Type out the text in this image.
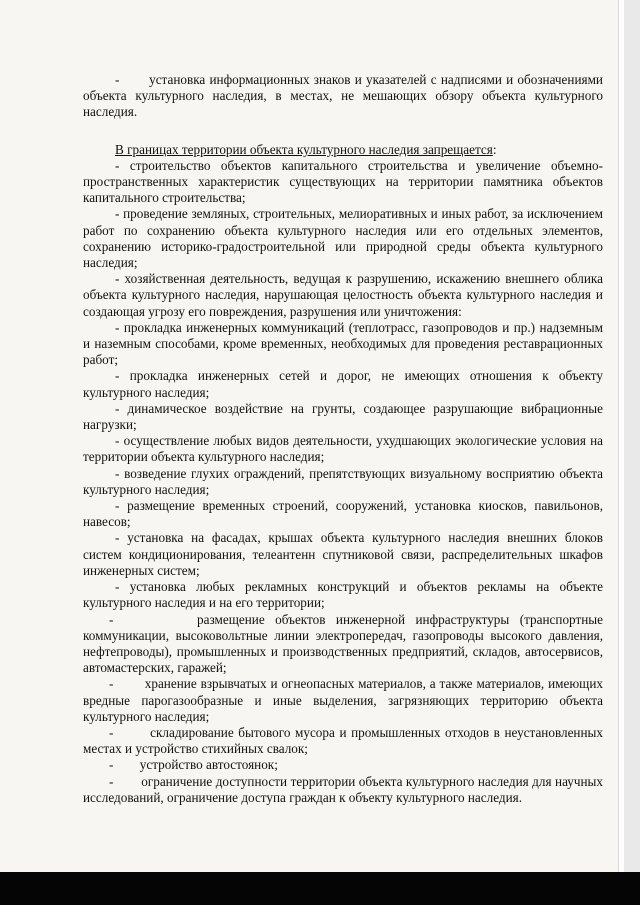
-       установка информационных знаков и указателей с надписями и обозначениями объекта культурного наследия, в местах, не мешающих обзору объекта культурного наследия.

В границах территории объекта культурного наследия запрещается:

- строительство объектов капитального строительства и увеличение объемно-пространственных характеристик существующих на территории памятника объектов капитального строительства;

- проведение земляных, строительных, мелиоративных и иных работ, за исключением работ по сохранению объекта культурного наследия или его отдельных элементов, сохранению историко-градостроительной или природной среды объекта культурного наследия;

- хозяйственная деятельность, ведущая к разрушению, искажению внешнего облика объекта культурного наследия, нарушающая целостность объекта культурного наследия и создающая угрозу его повреждения, разрушения или уничтожения:

- прокладка инженерных коммуникаций (теплотрасс, газопроводов и пр.) надземным и наземным способами, кроме временных, необходимых для проведения реставрационных работ;

- прокладка инженерных сетей и дорог, не имеющих отношения к объекту культурного наследия;

- динамическое воздействие на грунты, создающее разрушающие вибрационные нагрузки;

- осуществление любых видов деятельности, ухудшающих экологические условия на территории объекта культурного наследия;

- возведение глухих ограждений, препятствующих визуальному восприятию объекта культурного наследия;

- размещение временных строений, сооружений, установка киосков, павильонов, навесов;

- установка на фасадах, крышах объекта культурного наследия внешних блоков систем кондиционирования, телеантенн спутниковой связи, распределительных шкафов инженерных систем;

- установка любых рекламных конструкций и объектов рекламы на объекте культурного наследия и на его территории;

-        размещение объектов инженерной инфраструктуры (транспортные коммуникации, высоковольтные линии электропередач, газопроводы высокого давления, нефтепроводы), промышленных и производственных предприятий, складов, автосервисов, автомастерских, гаражей;

-        хранение взрывчатых и огнеопасных материалов, а также материалов, имеющих вредные парогазообразные и иные выделения, загрязняющих территорию объекта культурного наследия;

-        складирование бытового мусора и промышленных отходов в неустановленных местах и устройство стихийных свалок;

-        устройство автостоянок;

-        ограничение доступности территории объекта культурного наследия для научных исследований, ограничение доступа граждан к объекту культурного наследия.
